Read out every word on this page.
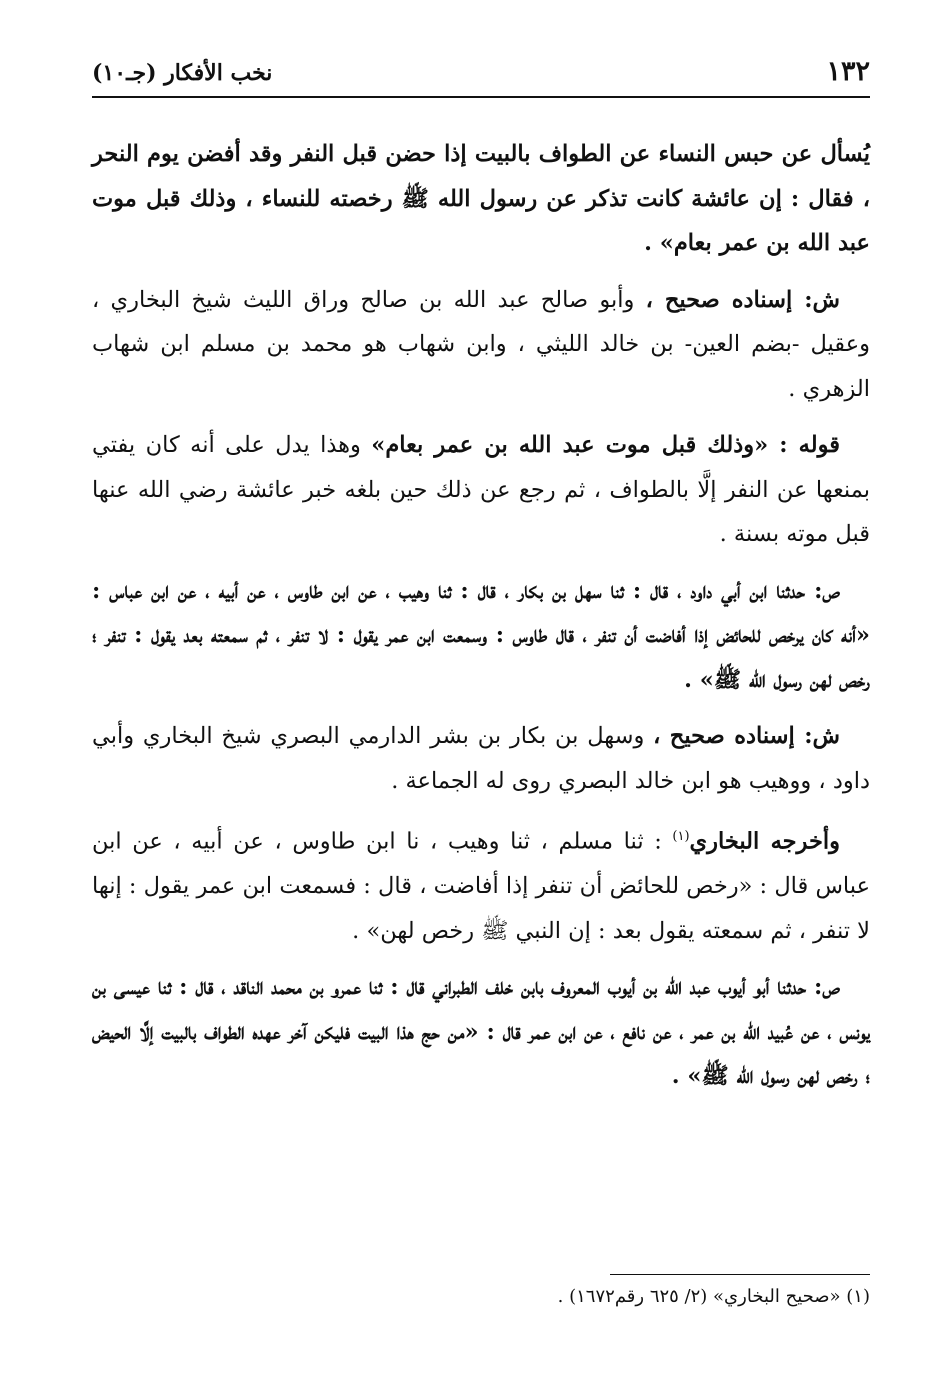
١٣٢
نخب الأفكار (جـ١٠)

يُسأل عن حبس النساء عن الطواف بالبيت إذا حضن قبل النفر وقد أفضن يوم النحر ، فقال : إن عائشة كانت تذكر عن رسول الله ﷺ رخصته للنساء ، وذلك قبل موت عبد الله بن عمر بعام» .

ش: إسناده صحيح ، وأبو صالح عبد الله بن صالح وراق الليث شيخ البخاري ، وعقيل -بضم العين- بن خالد الليثي ، وابن شهاب هو محمد بن مسلم ابن شهاب الزهري .

قوله : «وذلك قبل موت عبد الله بن عمر بعام» وهذا يدل على أنه كان يفتي بمنعها عن النفر إلَّا بالطواف ، ثم رجع عن ذلك حين بلغه خبر عائشة رضي الله عنها قبل موته بسنة .

ص: حدثنا ابن أبي داود ، قال : ثنا سهل بن بكار ، قال : ثنا وهيب ، عن ابن طاوس ، عن أبيه ، عن ابن عباس : «أنه كان يرخص للحائض إذا أفاضت أن تنفر ، قال طاوس : وسمعت ابن عمر يقول : لا تنفر ، ثم سمعته بعد يقول : تنفر ؛ رخص لهن رسول الله ﷺ» .

ش: إسناده صحيح ، وسهل بن بكار بن بشر الدارمي البصري شيخ البخاري وأبي داود ، ووهيب هو ابن خالد البصري روى له الجماعة .

وأخرجه البخاري$^{(١)}$ : ثنا مسلم ، ثنا وهيب ، نا ابن طاوس ، عن أبيه ، عن ابن عباس قال : «رخص للحائض أن تنفر إذا أفاضت ، قال : فسمعت ابن عمر يقول : إنها لا تنفر ، ثم سمعته يقول بعد : إن النبي ﷺ رخص لهن» .

ص: حدثنا أبو أيوب عبد الله بن أيوب المعروف بابن خلف الطبراني قال : ثنا عمرو بن محمد الناقد ، قال : ثنا عيسى بن يونس ، عن عُبيد الله بن عمر ، عن نافع ، عن ابن عمر قال : «من حج هذا البيت فليكن آخر عهده الطواف بالبيت إلَّا الحيض ؛ رخص لهن رسول الله ﷺ» .

(١) «صحيح البخاري» (٢/ ٦٢٥ رقم١٦٧٢) .
